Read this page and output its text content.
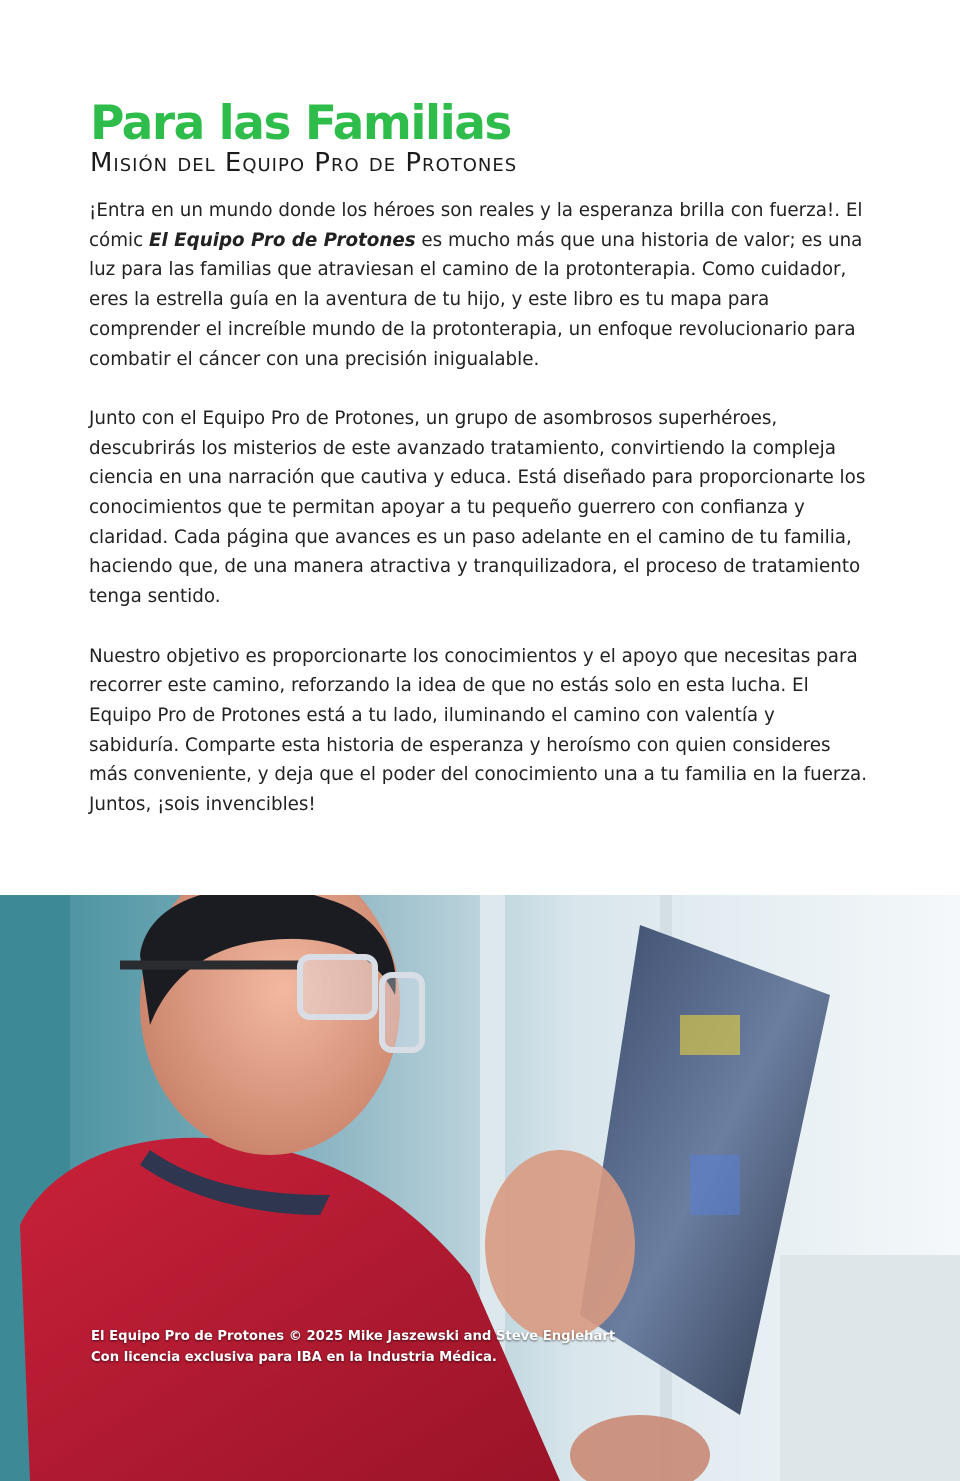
Para las Familias
Misión del Equipo Pro de Protones

¡Entra en un mundo donde los héroes son reales y la esperanza brilla con fuerza!. El cómic El Equipo Pro de Protones es mucho más que una historia de valor; es una luz para las familias que atraviesan el camino de la protonterapia. Como cuidador, eres la estrella guía en la aventura de tu hijo, y este libro es tu mapa para comprender el increíble mundo de la protonterapia, un enfoque revolucionario para combatir el cáncer con una precisión inigualable.

Junto con el Equipo Pro de Protones, un grupo de asombrosos superhéroes, descubrirás los misterios de este avanzado tratamiento, convirtiendo la compleja ciencia en una narración que cautiva y educa. Está diseñado para proporcionarte los conocimientos que te permitan apoyar a tu pequeño guerrero con confianza y claridad. Cada página que avances es un paso adelante en el camino de tu familia, haciendo que, de una manera atractiva y tranquilizadora, el proceso de tratamiento tenga sentido.

Nuestro objetivo es proporcionarte los conocimientos y el apoyo que necesitas para recorrer este camino, reforzando la idea de que no estás solo en esta lucha. El Equipo Pro de Protones está a tu lado, iluminando el camino con valentía y sabiduría. Comparte esta historia de esperanza y heroísmo con quien consideres más conveniente, y deja que el poder del conocimiento una a tu familia en la fuerza. Juntos, ¡sois invencibles!

El Equipo Pro de Protones © 2025 Mike Jaszewski and Steve Englehart
Con licencia exclusiva para IBA en la Industria Médica.
